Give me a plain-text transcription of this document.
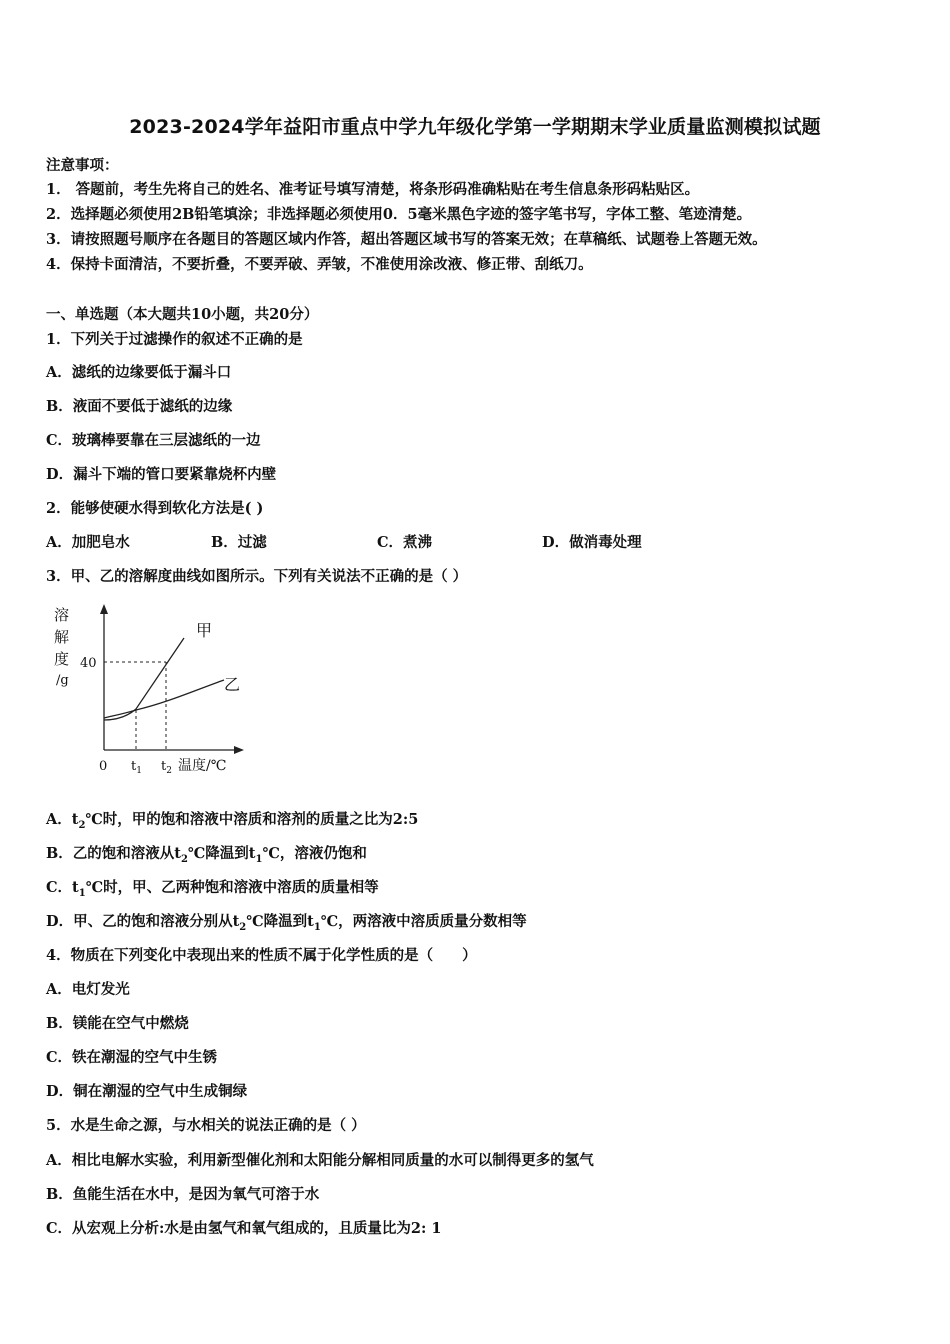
2023-2024学年益阳市重点中学九年级化学第一学期期末学业质量监测模拟试题
注意事项：
1． 答题前，考生先将自己的姓名、准考证号填写清楚，将条形码准确粘贴在考生信息条形码粘贴区。
2．选择题必须使用2B铅笔填涂；非选择题必须使用0．5毫米黑色字迹的签字笔书写，字体工整、笔迹清楚。
3．请按照题号顺序在各题目的答题区域内作答，超出答题区域书写的答案无效；在草稿纸、试题卷上答题无效。
4．保持卡面清洁，不要折叠，不要弄破、弄皱，不准使用涂改液、修正带、刮纸刀。
一、单选题（本大题共10小题，共20分）
1．下列关于过滤操作的叙述不正确的是
A．滤纸的边缘要低于漏斗口
B．液面不要低于滤纸的边缘
C．玻璃棒要靠在三层滤纸的一边
D．漏斗下端的管口要紧靠烧杯内壁
2．能够使硬水得到软化方法是( )
A．加肥皂水	B．过滤	C．煮沸	D．做消毒处理
3．甲、乙的溶解度曲线如图所示。下列有关说法不正确的是（ ）
溶
解
度
/g
40
甲
乙
0 $t_1$ $t_2$ 温度/℃
A．$t_2℃$时，甲的饱和溶液中溶质和溶剂的质量之比为2:5
B．乙的饱和溶液从$t_2℃$降温到$t_1℃$，溶液仍饱和
C．$t_1℃$时，甲、乙两种饱和溶液中溶质的质量相等
D．甲、乙的饱和溶液分别从$t_2℃$降温到$t_1℃$，两溶液中溶质质量分数相等
4．物质在下列变化中表现出来的性质不属于化学性质的是（　　）
A．电灯发光
B．镁能在空气中燃烧
C．铁在潮湿的空气中生锈
D．铜在潮湿的空气中生成铜绿
5．水是生命之源，与水相关的说法正确的是（ ）
A．相比电解水实验，利用新型催化剂和太阳能分解相同质量的水可以制得更多的氢气
B．鱼能生活在水中，是因为氧气可溶于水
C．从宏观上分析:水是由氢气和氧气组成的，且质量比为2: 1
